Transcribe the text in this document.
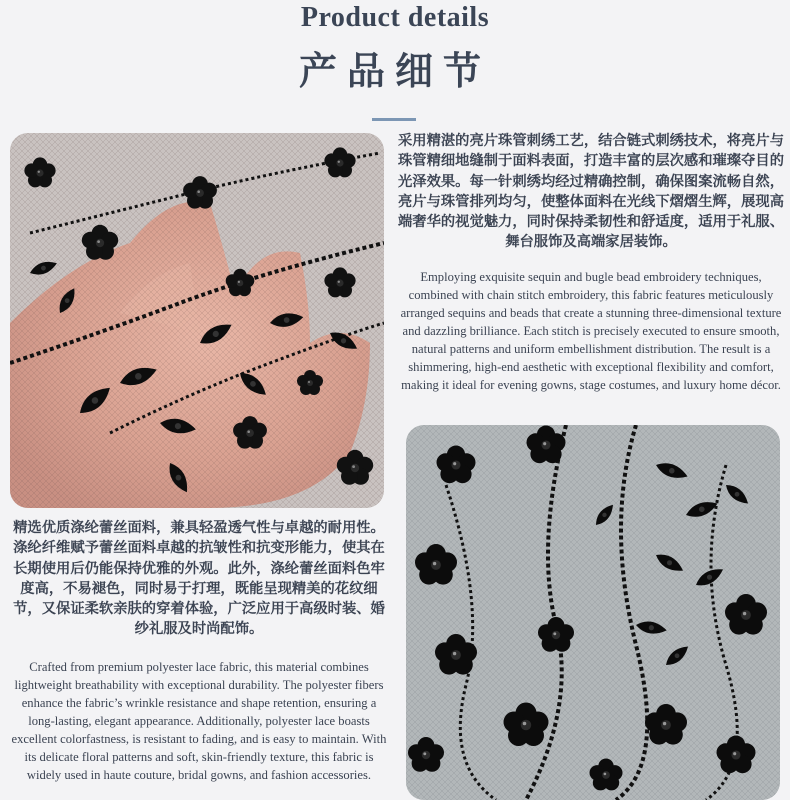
Product details
产品细节
采用精湛的亮片珠管刺绣工艺，结合链式刺绣技术，将亮片与珠管精细地缝制于面料表面，打造丰富的层次感和璀璨夺目的光泽效果。每一针刺绣均经过精确控制，确保图案流畅自然，亮片与珠管排列均匀，使整体面料在光线下熠熠生辉，展现高端奢华的视觉魅力，同时保持柔韧性和舒适度，适用于礼服、舞台服饰及高端家居装饰。
Employing exquisite sequin and bugle bead embroidery techniques, combined with chain stitch embroidery, this fabric features meticulously arranged sequins and beads that create a stunning three-dimensional texture and dazzling brilliance. Each stitch is precisely executed to ensure smooth, natural patterns and uniform embellishment distribution. The result is a shimmering, high-end aesthetic with exceptional flexibility and comfort, making it ideal for evening gowns, stage costumes, and luxury home décor.
精选优质涤纶蕾丝面料，兼具轻盈透气性与卓越的耐用性。涤纶纤维赋予蕾丝面料卓越的抗皱性和抗变形能力，使其在长期使用后仍能保持优雅的外观。此外，涤纶蕾丝面料色牢度高，不易褪色，同时易于打理，既能呈现精美的花纹细节，又保证柔软亲肤的穿着体验，广泛应用于高级时装、婚纱礼服及时尚配饰。
Crafted from premium polyester lace fabric, this material combines lightweight breathability with exceptional durability. The polyester fibers enhance the fabric’s wrinkle resistance and shape retention, ensuring a long-lasting, elegant appearance. Additionally, polyester lace boasts excellent colorfastness, is resistant to fading, and is easy to maintain. With its delicate floral patterns and soft, skin-friendly texture, this fabric is widely used in haute couture, bridal gowns, and fashion accessories.
